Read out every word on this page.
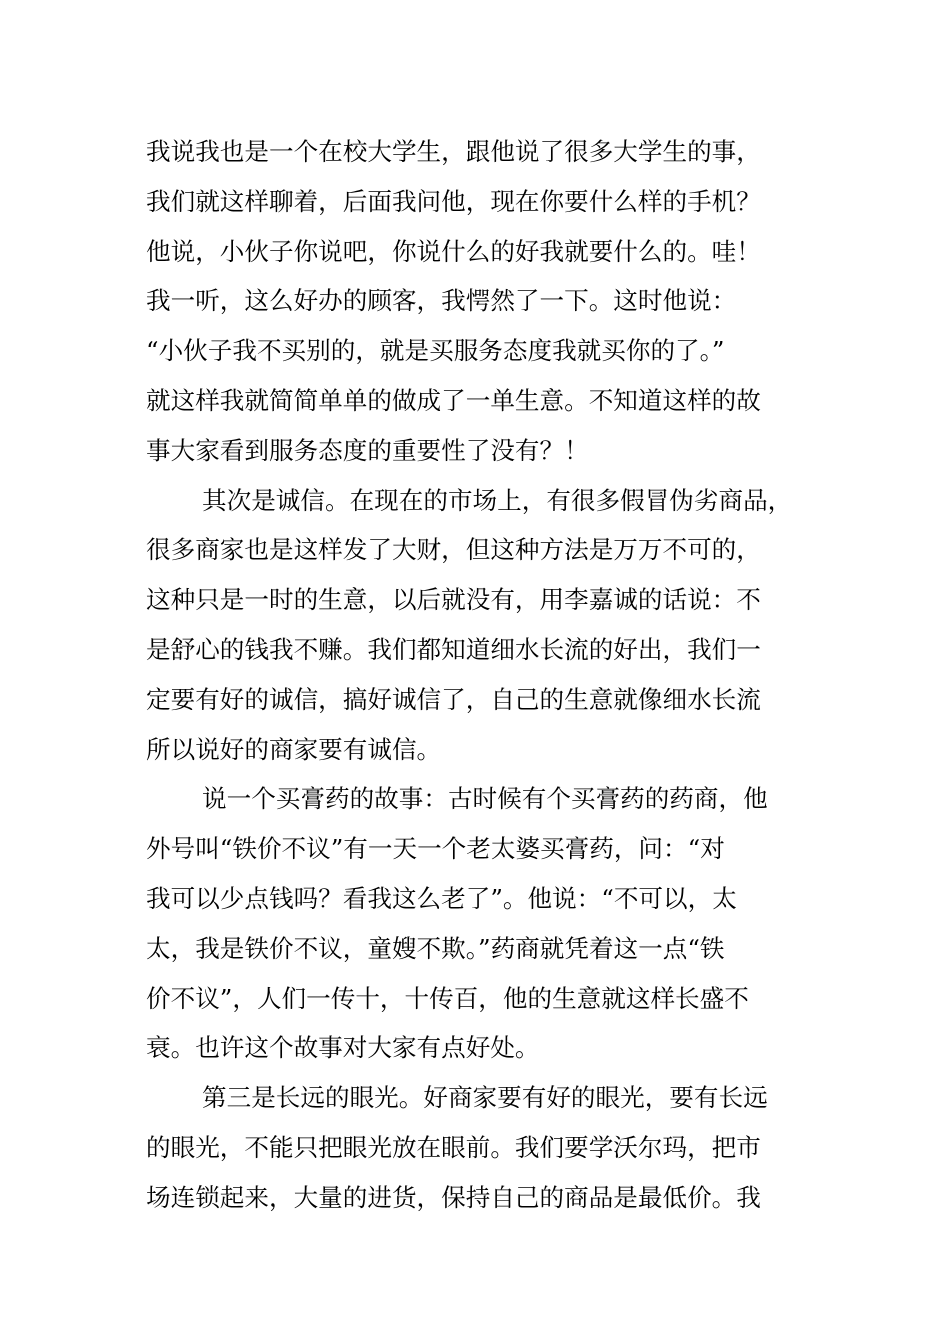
我说我也是一个在校大学生，跟他说了很多大学生的事，
我们就这样聊着，后面我问他，现在你要什么样的手机？
他说，小伙子你说吧，你说什么的好我就要什么的。哇！
我一听，这么好办的顾客，我愕然了一下。这时他说：
“小伙子我不买别的，就是买服务态度我就买你的了。”
就这样我就简简单单的做成了一单生意。不知道这样的故
事大家看到服务态度的重要性了没有？！
其次是诚信。在现在的市场上，有很多假冒伪劣商品，
很多商家也是这样发了大财，但这种方法是万万不可的，
这种只是一时的生意，以后就没有，用李嘉诚的话说：不
是舒心的钱我不赚。我们都知道细水长流的好出，我们一
定要有好的诚信，搞好诚信了，自己的生意就像细水长流
所以说好的商家要有诚信。
说一个买膏药的故事：古时候有个买膏药的药商，他
外号叫“铁价不议”有一天一个老太婆买膏药，问：“对
我可以少点钱吗？看我这么老了”。他说：“不可以，太
太，我是铁价不议，童嫂不欺。”药商就凭着这一点“铁
价不议”，人们一传十，十传百，他的生意就这样长盛不
衰。也许这个故事对大家有点好处。
第三是长远的眼光。好商家要有好的眼光，要有长远
的眼光，不能只把眼光放在眼前。我们要学沃尔玛，把市
场连锁起来，大量的进货，保持自己的商品是最低价。我
